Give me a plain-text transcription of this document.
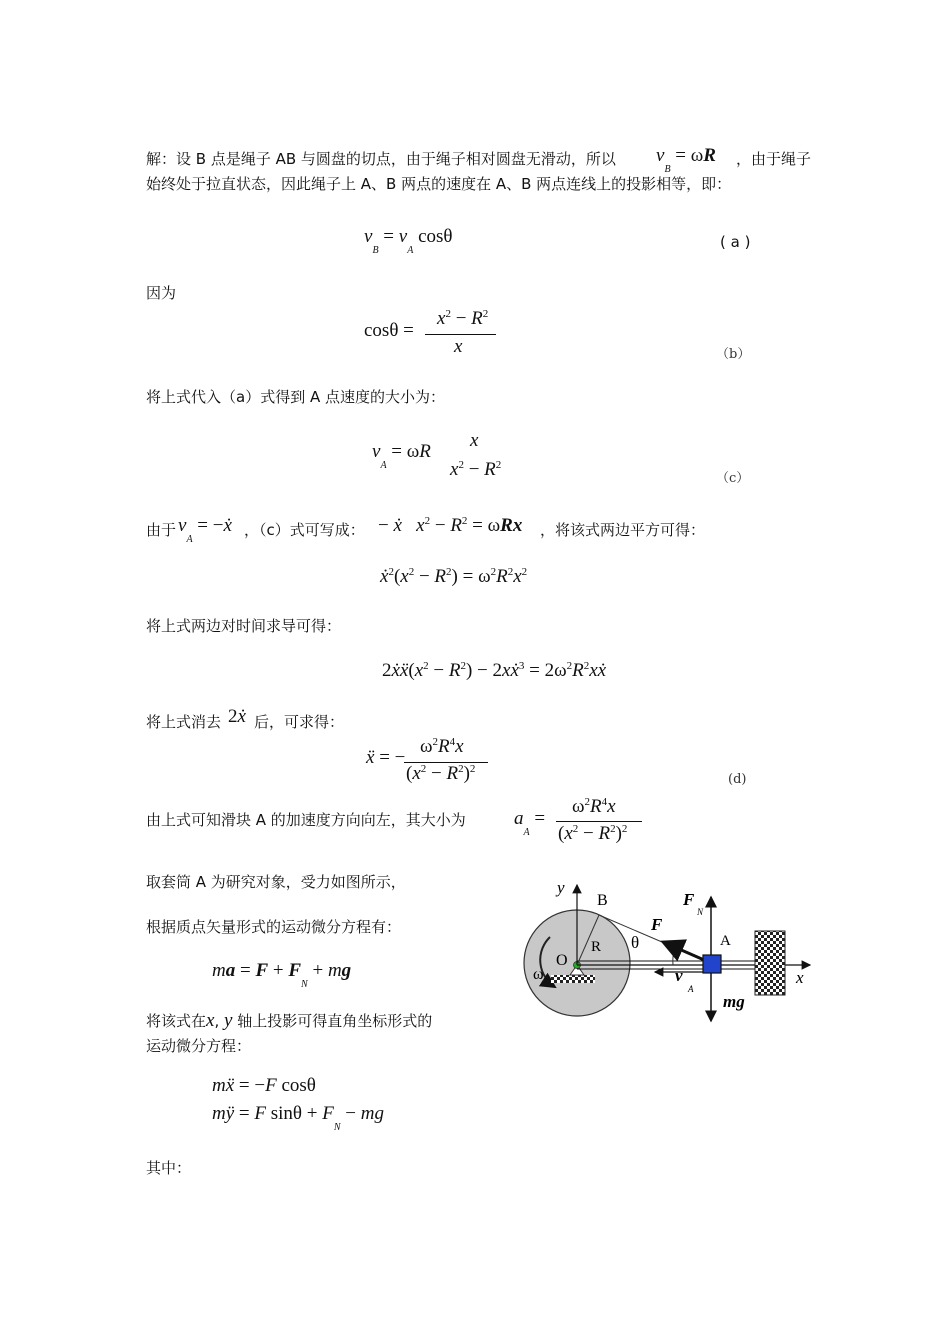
解：设 B 点是绳子 AB 与圆盘的切点，由于绳子相对圆盘无滑动，所以 $v_B = \omega R$ ，由于绳子
始终处于拉直状态，因此绳子上 A、B 两点的速度在 A、B 两点连线上的投影相等，即：
$v_B = v_A$ cosθ	( a )
因为
cosθ =
$x^2 - R^2$
x	（b）
将上式代入（a）式得到 A 点速度的大小为：
$v_A = \omega R$
x
$x^2 - R^2$
（c）
由于 $v_A$ = −ẋ ，（c）式可写成： − ẋ $x^2 - R^2 = \omega Rx$ ，将该式两边平方可得：
$ẋ^2(x^2 - R^2) = \omega^2R^2x^2$
将上式两边对时间求导可得：
$2ẋẍ(x^2 - R^2)$ − 2xẋ$^3$ = $2\omega^2R^2xẋ$
将上式消去 2ẋ 后，可求得：
ẍ = −
$\omega^2R^4x$
$(x^2 - R^2)^2$
(d)
由上式可知滑块 A 的加速度方向向左，其大小为	$a_A$ =
$\omega^2R^4x$
$(x^2 - R^2)^2$
取套筒 A 为研究对象，受力如图所示，
根据质点矢量形式的运动微分方程有：
ma = $F + F_N$ + mg
将该式在x, y 轴上投影可得直角坐标形式的
运动微分方程：
mẍ = −F cosθ
mÿ = F $\sin\theta + F_N$ − mg
其中：
y
x
B
O
R
ω
θ
F
F
N
A
v
A
mg
